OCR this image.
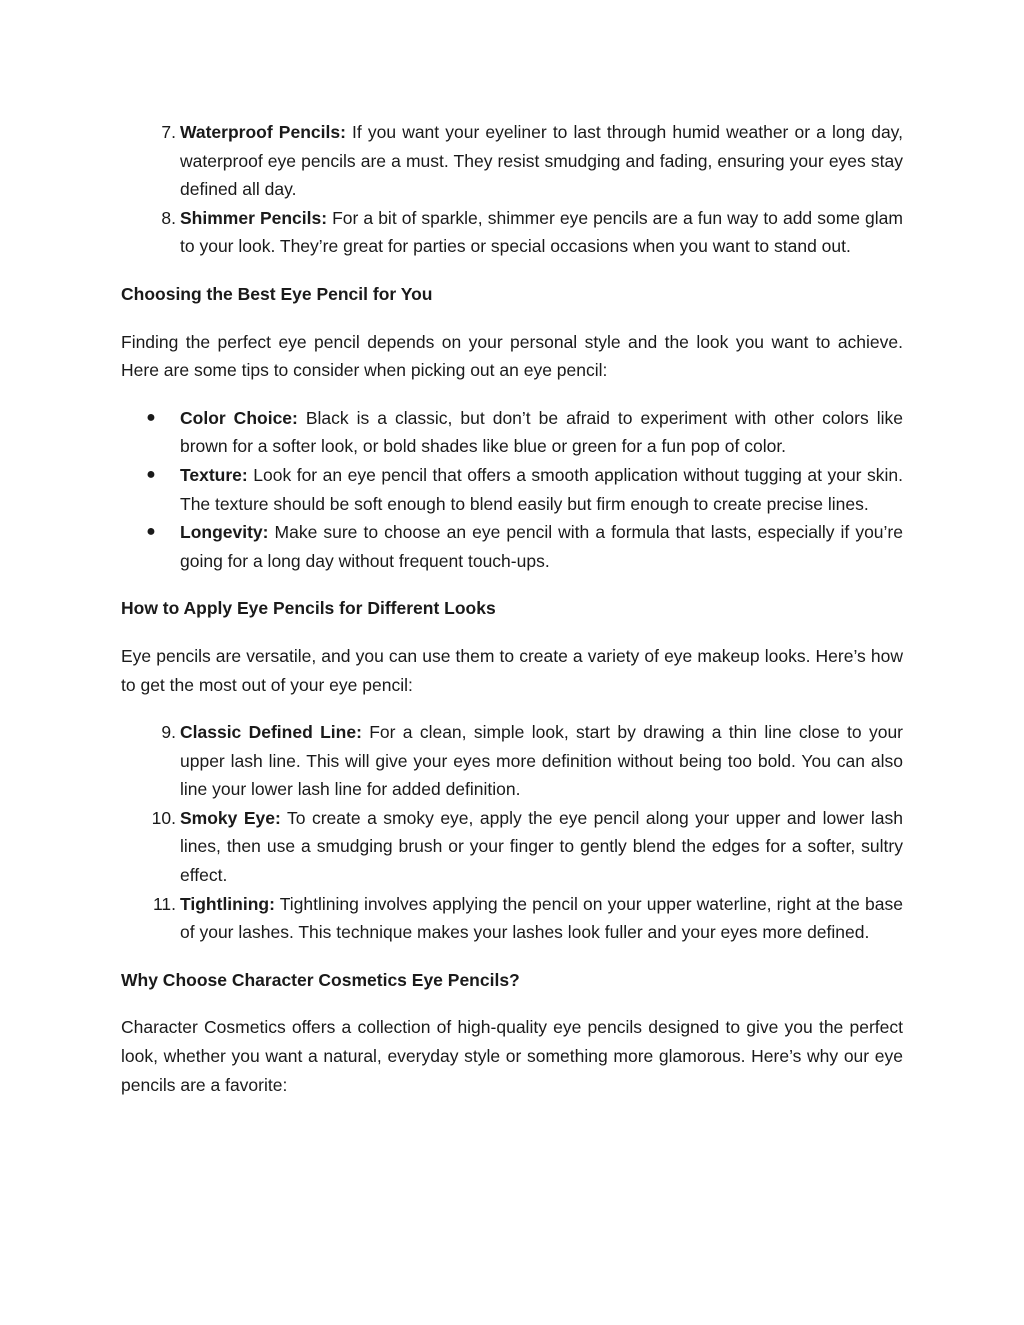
7. Waterproof Pencils: If you want your eyeliner to last through humid weather or a long day, waterproof eye pencils are a must. They resist smudging and fading, ensuring your eyes stay defined all day.
8. Shimmer Pencils: For a bit of sparkle, shimmer eye pencils are a fun way to add some glam to your look. They’re great for parties or special occasions when you want to stand out.
Choosing the Best Eye Pencil for You
Finding the perfect eye pencil depends on your personal style and the look you want to achieve. Here are some tips to consider when picking out an eye pencil:
●	Color Choice: Black is a classic, but don’t be afraid to experiment with other colors like brown for a softer look, or bold shades like blue or green for a fun pop of color.
●	Texture: Look for an eye pencil that offers a smooth application without tugging at your skin. The texture should be soft enough to blend easily but firm enough to create precise lines.
●	Longevity: Make sure to choose an eye pencil with a formula that lasts, especially if you’re going for a long day without frequent touch-ups.
How to Apply Eye Pencils for Different Looks
Eye pencils are versatile, and you can use them to create a variety of eye makeup looks. Here’s how to get the most out of your eye pencil:
9. Classic Defined Line: For a clean, simple look, start by drawing a thin line close to your upper lash line. This will give your eyes more definition without being too bold. You can also line your lower lash line for added definition.
10. Smoky Eye: To create a smoky eye, apply the eye pencil along your upper and lower lash lines, then use a smudging brush or your finger to gently blend the edges for a softer, sultry effect.
11. Tightlining: Tightlining involves applying the pencil on your upper waterline, right at the base of your lashes. This technique makes your lashes look fuller and your eyes more defined.
Why Choose Character Cosmetics Eye Pencils?
Character Cosmetics offers a collection of high-quality eye pencils designed to give you the perfect look, whether you want a natural, everyday style or something more glamorous. Here’s why our eye pencils are a favorite:
